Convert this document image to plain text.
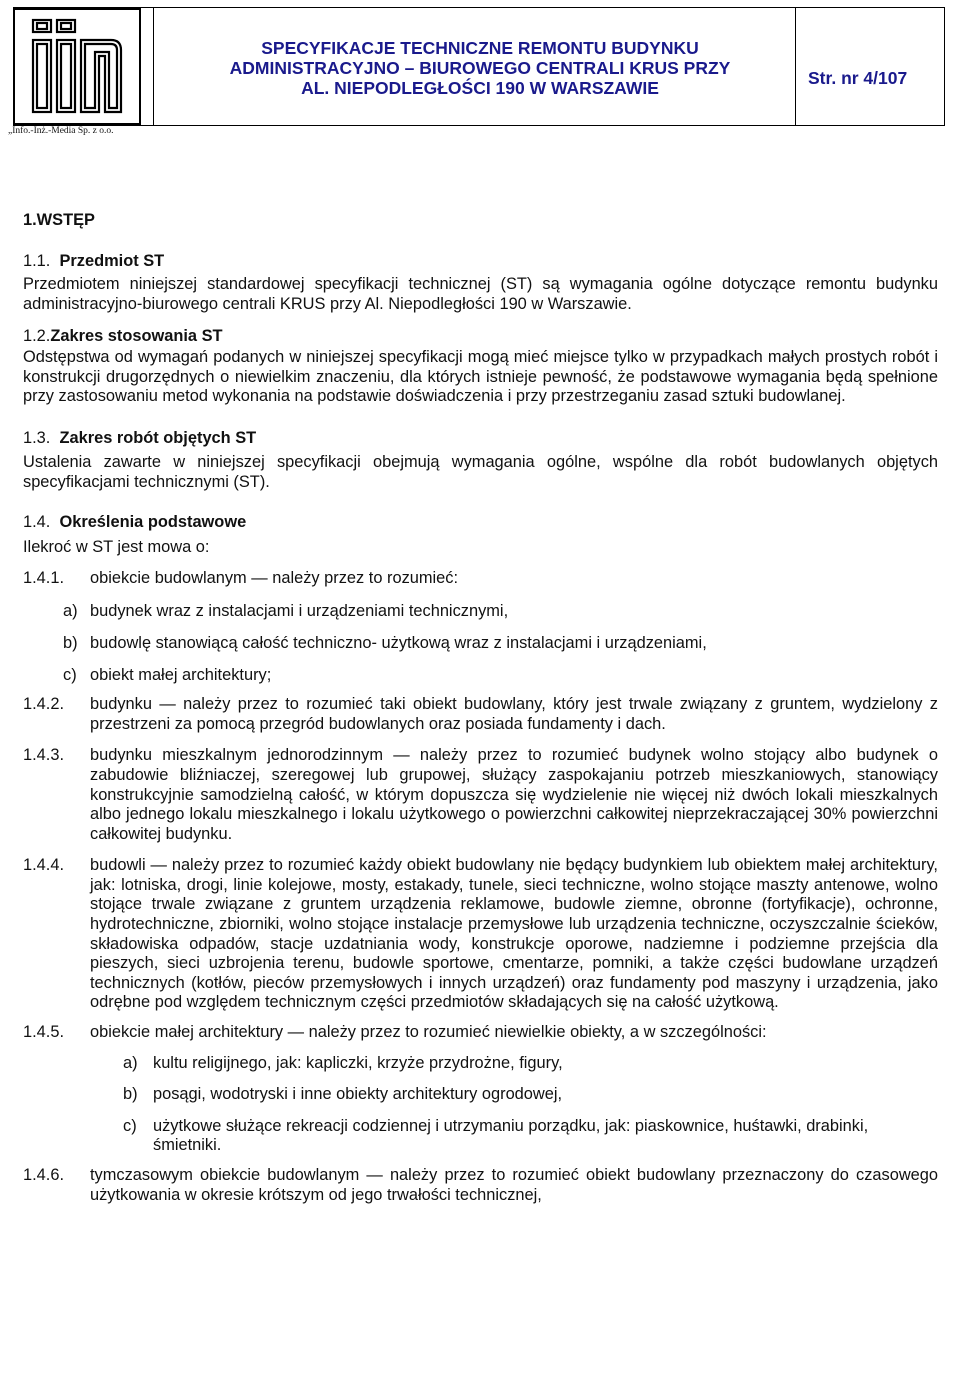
iim
„Info.-Inż.-Media Sp. z o.o.
SPECYFIKACJE TECHNICZNE REMONTU BUDYNKU
ADMINISTRACYJNO – BIUROWEGO CENTRALI KRUS PRZY
AL. NIEPODLEGŁOŚCI 190 W WARSZAWIE	Str. nr 4/107
1.WSTĘP
1.1. Przedmiot ST

Przedmiotem niniejszej standardowej specyfikacji technicznej (ST) są wymagania ogólne dotyczące remontu budynku administracyjno-biurowego centrali KRUS przy Al. Niepodległości 190 w Warszawie.

1.2.Zakres stosowania ST

Odstępstwa od wymagań podanych w niniejszej specyfikacji mogą mieć miejsce tylko w przypadkach małych prostych robót i konstrukcji drugorzędnych o niewielkim znaczeniu, dla których istnieje pewność, że podstawowe wymagania będą spełnione przy zastosowaniu metod wykonania na podstawie doświadczenia i przy przestrzeganiu zasad sztuki budowlanej.

1.3. Zakres robót objętych ST

Ustalenia zawarte w niniejszej specyfikacji obejmują wymagania ogólne, wspólne dla robót budowlanych objętych specyfikacjami technicznymi (ST).

1.4. Określenia podstawowe

Ilekroć w ST jest mowa o:

1.4.1.	obiekcie budowlanym — należy przez to rozumieć:
a) budynek wraz z instalacjami i urządzeniami technicznymi,
b) budowlę stanowiącą całość techniczno- użytkową wraz z instalacjami i urządzeniami,
c) obiekt małej architektury;
1.4.2.	budynku — należy przez to rozumieć taki obiekt budowlany, który jest trwale związany z gruntem, wydzielony z przestrzeni za pomocą przegród budowlanych oraz posiada fundamenty i dach.
1.4.3.	budynku mieszkalnym jednorodzinnym — należy przez to rozumieć budynek wolno stojący albo budynek o zabudowie bliźniaczej, szeregowej lub grupowej, służący zaspokajaniu potrzeb mieszkaniowych, stanowiący konstrukcyjnie samodzielną całość, w którym dopuszcza się wydzielenie nie więcej niż dwóch lokali mieszkalnych albo jednego lokalu mieszkalnego i lokalu użytkowego o powierzchni całkowitej nieprzekraczającej 30% powierzchni całkowitej budynku.
1.4.4.	budowli — należy przez to rozumieć każdy obiekt budowlany nie będący budynkiem lub obiektem małej architektury, jak: lotniska, drogi, linie kolejowe, mosty, estakady, tunele, sieci techniczne, wolno stojące maszty antenowe, wolno stojące trwale związane z gruntem urządzenia reklamowe, budowle ziemne, obronne (fortyfikacje), ochronne, hydrotechniczne, zbiorniki, wolno stojące instalacje przemysłowe lub urządzenia techniczne, oczyszczalnie ścieków, składowiska odpadów, stacje uzdatniania wody, konstrukcje oporowe, nadziemne i podziemne przejścia dla pieszych, sieci uzbrojenia terenu, budowle sportowe, cmentarze, pomniki, a także części budowlane urządzeń technicznych (kotłów, pieców przemysłowych i innych urządzeń) oraz fundamenty pod maszyny i urządzenia, jako odrębne pod względem technicznym części przedmiotów składających się na całość użytkową.
1.4.5.	obiekcie małej architektury — należy przez to rozumieć niewielkie obiekty, a w szczególności:
a) kultu religijnego, jak: kapliczki, krzyże przydrożne, figury,
b) posągi, wodotryski i inne obiekty architektury ogrodowej,
c) użytkowe służące rekreacji codziennej i utrzymaniu porządku, jak: piaskownice, huśtawki, drabinki, śmietniki.
1.4.6.	tymczasowym obiekcie budowlanym — należy przez to rozumieć obiekt budowlany przeznaczony do czasowego użytkowania w okresie krótszym od jego trwałości technicznej,
